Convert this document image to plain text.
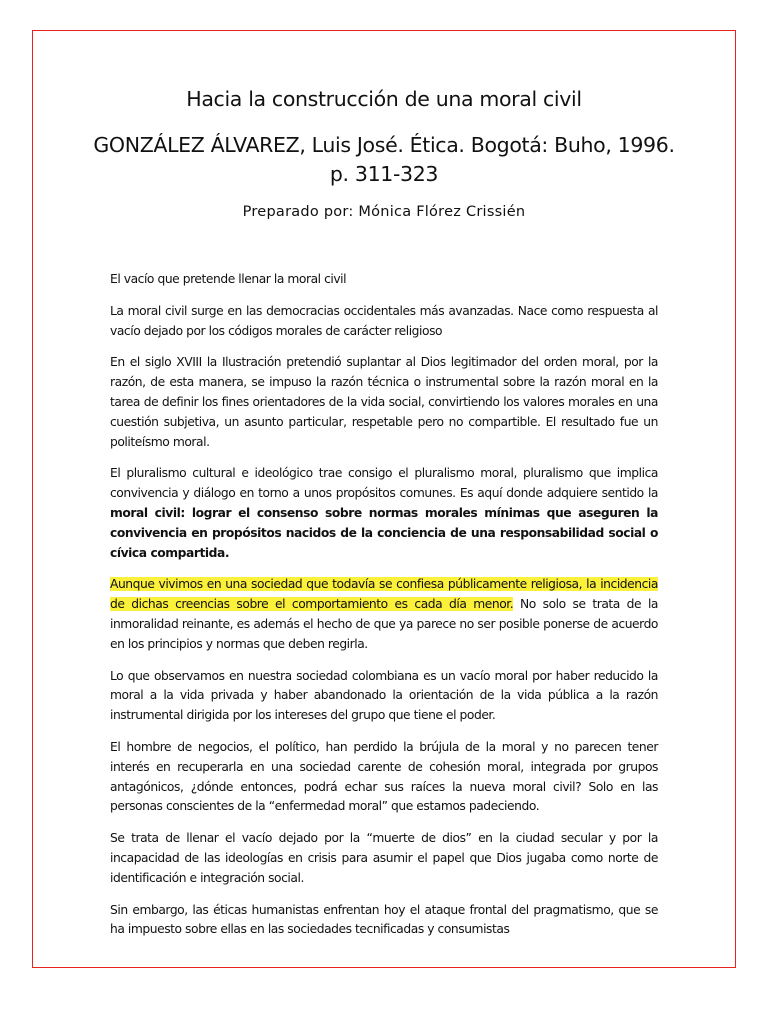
Hacia la construcción de una moral civil
GONZÁLEZ ÁLVAREZ, Luis José. Ética. Bogotá: Buho, 1996.
p. 311-323
Preparado por: Mónica Flórez Crissién

El vacío que pretende llenar la moral civil

La moral civil surge en las democracias occidentales más avanzadas. Nace como respuesta al vacío dejado por los códigos morales de carácter religioso

En el siglo XVIII la Ilustración pretendió suplantar al Dios legitimador del orden moral, por la razón, de esta manera, se impuso la razón técnica o instrumental sobre la razón moral en la tarea de definir los fines orientadores de la vida social, convirtiendo los valores morales en una cuestión subjetiva, un asunto particular, respetable pero no compartible. El resultado fue un politeísmo moral.

El pluralismo cultural e ideológico trae consigo el pluralismo moral, pluralismo que implica convivencia y diálogo en torno a unos propósitos comunes. Es aquí donde adquiere sentido la moral civil: lograr el consenso sobre normas morales mínimas que aseguren la convivencia en propósitos nacidos de la conciencia de una responsabilidad social o cívica compartida.

Aunque vivimos en una sociedad que todavía se confiesa públicamente religiosa, la incidencia de dichas creencias sobre el comportamiento es cada día menor. No solo se trata de la inmoralidad reinante, es además el hecho de que ya parece no ser posible ponerse de acuerdo en los principios y normas que deben regirla.

Lo que observamos en nuestra sociedad colombiana es un vacío moral por haber reducido la moral a la vida privada y haber abandonado la orientación de la vida pública a la razón instrumental dirigida por los intereses del grupo que tiene el poder.

El hombre de negocios, el político, han perdido la brújula de la moral y no parecen tener interés en recuperarla en una sociedad carente de cohesión moral, integrada por grupos antagónicos, ¿dónde entonces, podrá echar sus raíces la nueva moral civil? Solo en las personas conscientes de la “enfermedad moral” que estamos padeciendo.

Se trata de llenar el vacío dejado por la “muerte de dios” en la ciudad secular y por la incapacidad de las ideologías en crisis para asumir el papel que Dios jugaba como norte de identificación e integración social.

Sin embargo, las éticas humanistas enfrentan hoy el ataque frontal del pragmatismo, que se ha impuesto sobre ellas en las sociedades tecnificadas y consumistas
